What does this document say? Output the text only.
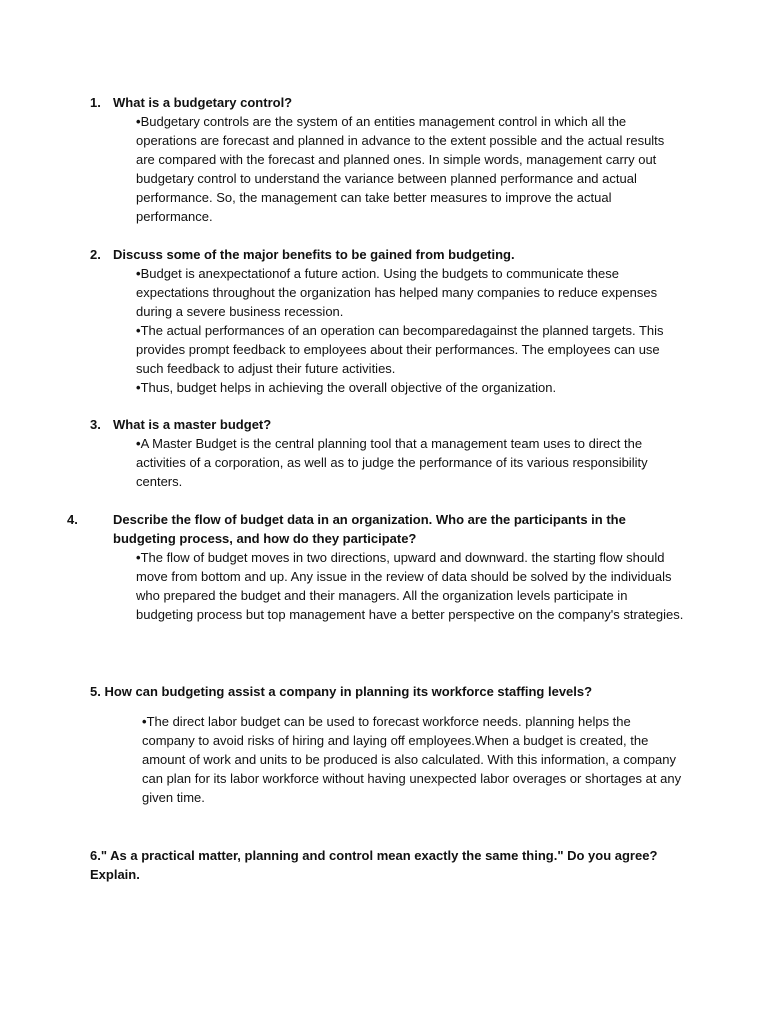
1. What is a budgetary control?

• Budgetary controls are the system of an entities management control in which all the operations are forecast and planned in advance to the extent possible and the actual results are compared with the forecast and planned ones. In simple words, management carry out budgetary control to understand the variance between planned performance and actual performance. So, the management can take better measures to improve the actual performance.

2. Discuss some of the major benefits to be gained from budgeting.

• Budget is anexpectationof a future action. Using the budgets to communicate these expectations throughout the organization has helped many companies to reduce expenses during a severe business recession.

• The actual performances of an operation can becomparedagainst the planned targets. This provides prompt feedback to employees about their performances. The employees can use such feedback to adjust their future activities.

• Thus, budget helps in achieving the overall objective of the organization.

3. What is a master budget?

• A Master Budget is the central planning tool that a management team uses to direct the activities of a corporation, as well as to judge the performance of its various responsibility centers.

4.	Describe the flow of budget data in an organization. Who are the participants in the budgeting process, and how do they participate?

• The flow of budget moves in two directions, upward and downward. the starting flow should move from bottom and up. Any issue in the review of data should be solved by the individuals who prepared the budget and their managers. All the organization levels participate in budgeting process but top management have a better perspective on the company's strategies.

5. How can budgeting assist a company in planning its workforce staffing levels?

• The direct labor budget can be used to forecast workforce needs. planning helps the company to avoid risks of hiring and laying off employees.When a budget is created, the amount of work and units to be produced is also calculated. With this information, a company can plan for its labor workforce without having unexpected labor overages or shortages at any given time.

6." As a practical matter, planning and control mean exactly the same thing." Do you agree? Explain.
